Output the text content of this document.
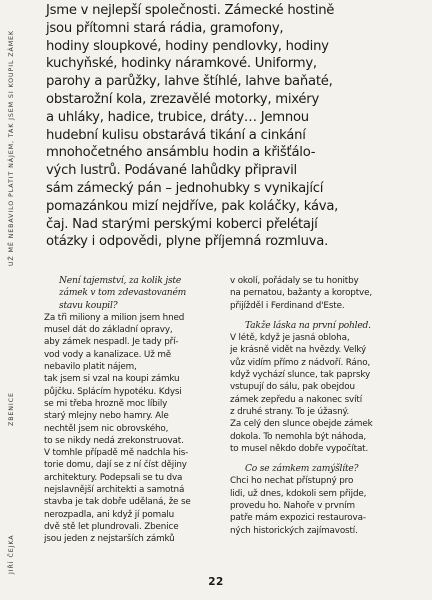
UŽ MĚ NEBAVILO PLATIT NÁJEM, TAK JSEM SI KOUPIL ZÁMEK
ZBENICE
JIŘÍ ČEJKA

Jsme v nejlepší společnosti. Zámecké hostině
jsou přítomni stará rádia, gramofony,
hodiny sloupkové, hodiny pendlovky, hodiny
kuchyňské, hodinky náramkové. Uniformy,
parohy a parůžky, lahve štíhlé, lahve baňaté,
obstarožní kola, zrezavělé motorky, mixéry
a uhláky, hadice, trubice, dráty… Jemnou
hudební kulisu obstarává tikání a cinkání
mnohočetného ansámblu hodin a křišťálo-
vých lustrů. Podávané lahůdky připravil
sám zámecký pán – jednohubky s vynikající
pomazánkou mizí nejdříve, pak koláčky, káva,
čaj. Nad starými perskými koberci přelétají
otázky i odpovědi, plyne příjemná rozmluva.

Není tajemství, za kolik jste
zámek v tom zdevastovaném
stavu koupil?
Za tři miliony a milion jsem hned
musel dát do základní opravy,
aby zámek nespadl. Je tady pří-
vod vody a kanalizace. Už mě
nebavilo platit nájem,
tak jsem si vzal na koupi zámku
půjčku. Splácím hypotéku. Kdysi
se mi třeba hrozně moc líbily
starý mlejny nebo hamry. Ale
nechtěl jsem nic obrovského,
to se nikdy nedá zrekonstruovat.
V tomhle případě mě nadchla his-
torie domu, dají se z ní číst dějiny
architektury. Podepsali se tu dva
nejslavnější architekti a samotná
stavba je tak dobře udělaná, že se
nerozpadla, ani když jí pomalu
dvě stě let plundrovali. Zbenice
jsou jeden z nejstarších zámků
v okolí, pořádaly se tu honitby
na pernatou, bažanty a koroptve,
přijížděl i Ferdinand d'Este.
Takže láska na první pohled.
V létě, když je jasná obloha,
je krásně vidět na hvězdy. Velký
vůz vidím přímo z nádvoří. Ráno,
když vychází slunce, tak paprsky
vstupují do sálu, pak obejdou
zámek zepředu a nakonec svítí
z druhé strany. To je úžasný.
Za celý den slunce obejde zámek
dokola. To nemohla být náhoda,
to musel někdo dobře vypočítat.
Co se zámkem zamýšlíte?
Chci ho nechat přístupný pro
lidi, už dnes, kdokoli sem přijde,
provedu ho. Nahoře v prvním
patře mám expozici restaurova-
ných historických zajímavostí.
22
